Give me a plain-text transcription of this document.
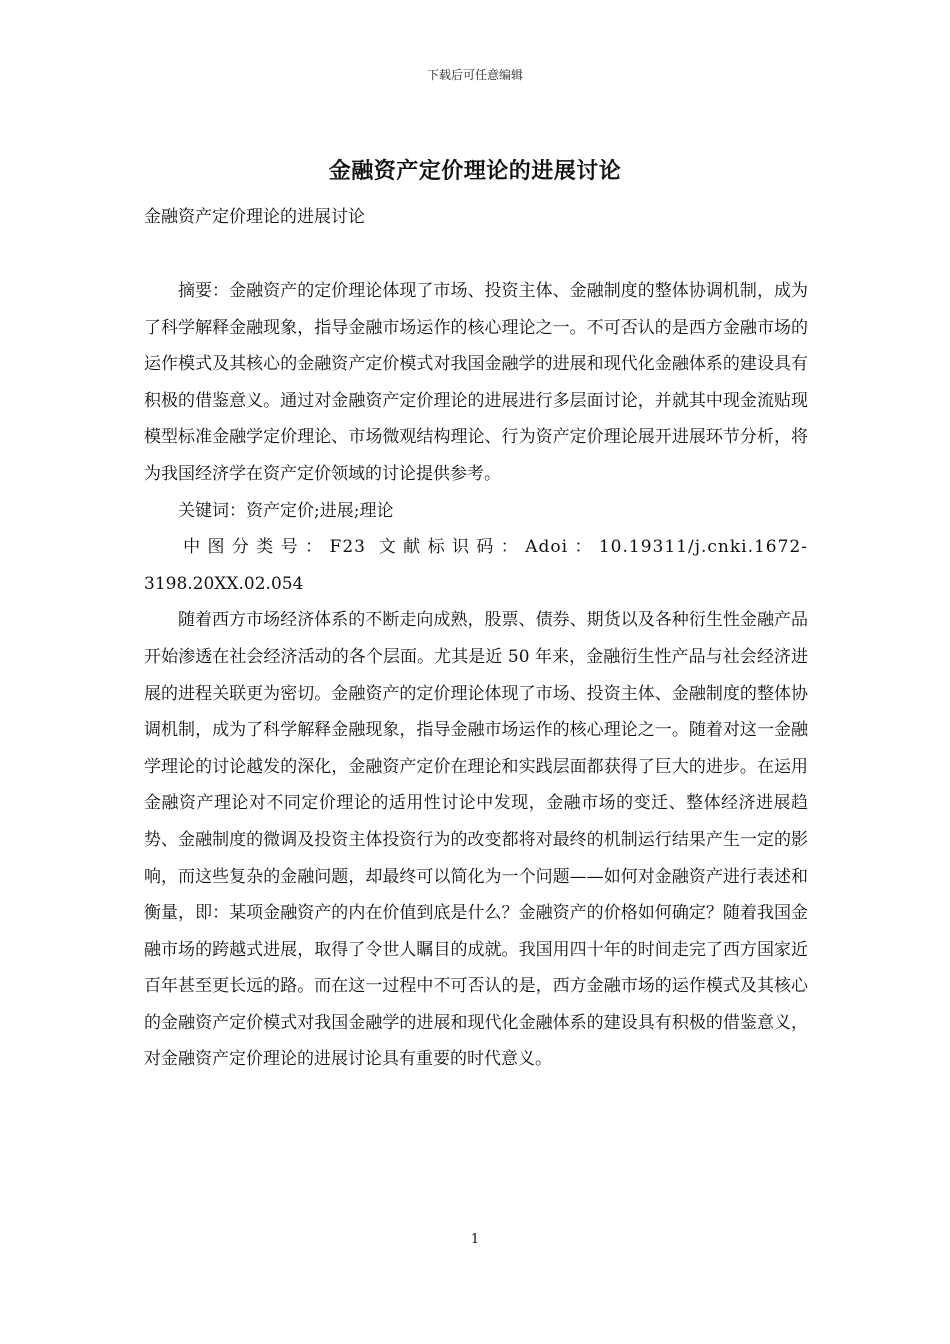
下载后可任意编辑
金融资产定价理论的进展讨论
金融资产定价理论的进展讨论

摘要：金融资产的定价理论体现了市场、投资主体、金融制度的整体协调机制，成为了科学解释金融现象，指导金融市场运作的核心理论之一。不可否认的是西方金融市场的运作模式及其核心的金融资产定价模式对我国金融学的进展和现代化金融体系的建设具有积极的借鉴意义。通过对金融资产定价理论的进展进行多层面讨论，并就其中现金流贴现模型标准金融学定价理论、市场微观结构理论、行为资产定价理论展开进展环节分析，将为我国经济学在资产定价领域的讨论提供参考。

关键词：资产定价;进展;理论

中图分类号：F23 文献标识码：Adoi：10.19311/j.cnki.1672-

3198.20XX.02.054

随着西方市场经济体系的不断走向成熟，股票、债券、期货以及各种衍生性金融产品开始渗透在社会经济活动的各个层面。尤其是近 50 年来，金融衍生性产品与社会经济进展的进程关联更为密切。金融资产的定价理论体现了市场、投资主体、金融制度的整体协调机制，成为了科学解释金融现象，指导金融市场运作的核心理论之一。随着对这一金融学理论的讨论越发的深化，金融资产定价在理论和实践层面都获得了巨大的进步。在运用金融资产理论对不同定价理论的适用性讨论中发现，金融市场的变迁、整体经济进展趋势、金融制度的微调及投资主体投资行为的改变都将对最终的机制运行结果产生一定的影响，而这些复杂的金融问题，却最终可以简化为一个问题——如何对金融资产进行表述和衡量，即：某项金融资产的内在价值到底是什么？金融资产的价格如何确定？随着我国金融市场的跨越式进展，取得了令世人瞩目的成就。我国用四十年的时间走完了西方国家近百年甚至更长远的路。而在这一过程中不可否认的是，西方金融市场的运作模式及其核心的金融资产定价模式对我国金融学的进展和现代化金融体系的建设具有积极的借鉴意义，对金融资产定价理论的进展讨论具有重要的时代意义。

1
